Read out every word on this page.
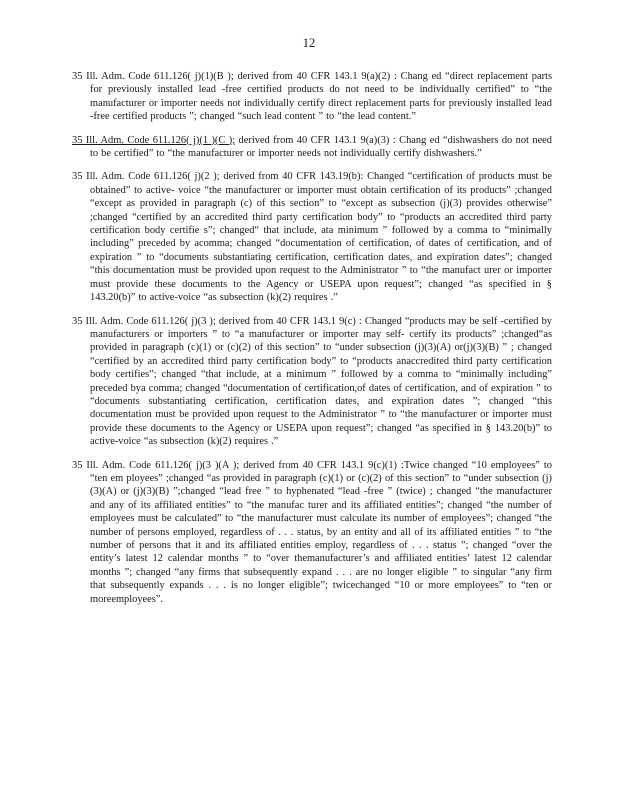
12

35 Ill. Adm. Code 611.126( j)(1)(B ); derived from 40 CFR 143.1 9(a)(2) : Chang ed “direct replacement parts for previously installed lead -free certified products do not need to be individually certified” to “the manufacturer or importer needs not individually certify direct replacement parts for previously installed lead -free certified products ”; changed “such lead content ” to “the lead content.”

35 Ill. Adm. Code 611.126( j)(1 )(C ); derived from 40 CFR 143.1 9(a)(3) : Chang ed “dishwashers do not need to be certified” to “the manufacturer or importer needs not individually certify dishwashers.”

35 Ill. Adm. Code 611.126( j)(2 ); derived from 40 CFR 143.19(b): Changed “certification of products must be obtained” to active- voice “the manufacturer or importer must obtain certification of its products” ;changed “except as provided in paragraph (c) of this section” to “except as subsection (j)(3) provides otherwise” ;changed “certified by an accredited third party certification body” to “products an accredited third party certification body certifie s”; changed“ that include, ata minimum ” followed by a comma to “minimally including” preceded by acomma; changed “documentation of certification, of dates of certification, and of expiration ” to “documents substantiating certification, certification dates, and expiration dates”; changed “this documentation must be provided upon request to the Administrator ” to “the manufact urer or importer must provide these documents to the Agency or USEPA upon request”; changed “as specified in § 143.20(b)” to active-voice “as subsection (k)(2) requires .”

35 Ill. Adm. Code 611.126( j)(3 ); derived from 40 CFR 143.1 9(c) : Changed “products may be self -certified by manufacturers or importers ” to “a manufacturer or importer may self- certify its products” ;changed“as provided in paragraph (c)(1) or (c)(2) of this section” to “under subsection (j)(3)(A) or(j)(3)(B) ” ; changed “certified by an accredited third party certification body” to “products anaccredited third party certification body certifies”; changed “that include, at a minimum ” followed by a comma to “minimally including” preceded bya comma; changed “documentation of certification,of dates of certification, and of expiration ” to “documents substantiating certification, certification dates, and expiration dates ”; changed “this documentation must be provided upon request to the Administrator ” to “the manufacturer or importer must provide these documents to the Agency or USEPA upon request”; changed “as specified in § 143.20(b)” to active-voice “as subsection (k)(2) requires .”

35 Ill. Adm. Code 611.126( j)(3 )(A ); derived from 40 CFR 143.1 9(c)(1) :Twice changed “10 employees” to “ten em ployees” ;changed “as provided in paragraph (c)(1) or (c)(2) of this section” to “under subsection (j)(3)(A) or (j)(3)(B) ”;changed “lead free ” to hyphenated “lead -free ” (twice) ; changed “the manufacturer and any of its affiliated entities” to “the manufac turer and its affiliated entities”; changed “the number of employees must be calculated” to “the manufacturer must calculate its number of employees”; changed “the number of persons employed, regardless of . . . status, by an entity and all of its affiliated entities ” to “the number of persons that it and its affiliated entities employ, regardless of . . . status ”; changed “over the entity’s latest 12 calendar months ” to “over themanufacturer’s and affiliated entities’ latest 12 calendar months ”; changed “any firms that subsequently expand . . . are no longer eligible ” to singular “any firm that subsequently expands . . . is no longer eligible”; twicechanged “10 or more employees” to “ten or moreemployees”.
